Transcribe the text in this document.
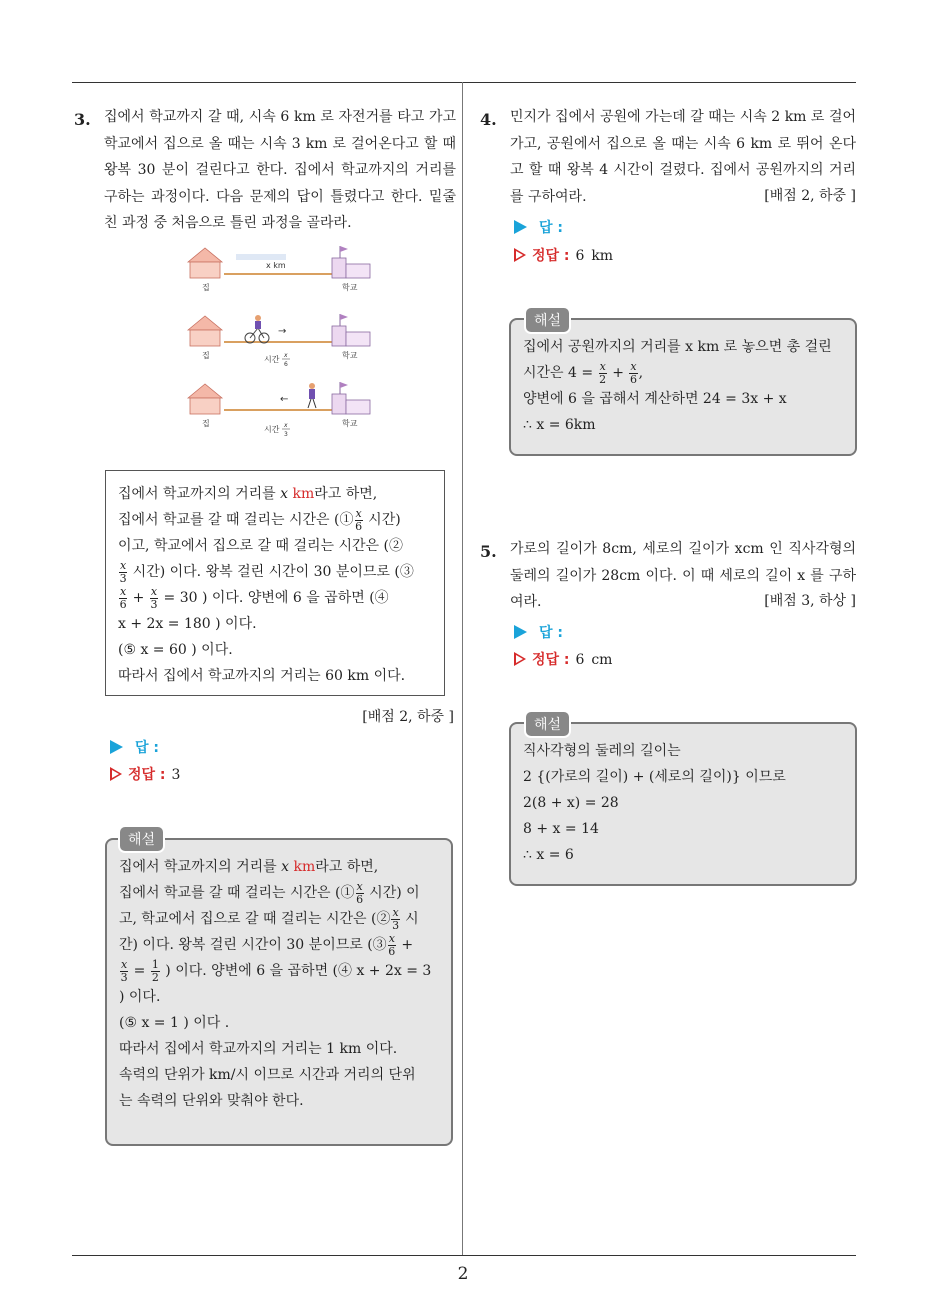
2
3. 집에서 학교까지 갈 때, 시속 6 km 로 자전거를 타고 가고 학교에서 집으로 올 때는 시속 3 km 로 걸어온다고 할 때 왕복 30 분이 걸린다고 한다. 집에서 학교까지의 거리를 구하는 과정이다. 다음 문제의 답이 틀렸다고 한다. 밑줄 친 과정 중 처음으로 틀린 과정을 골라라.
x km
집	학교
→
집	시간 x
6
학교
←
집
시간 x
3
학교
집에서 학교까지의 거리를 x km라고 하면,
집에서 학교를 갈 때 걸리는 시간은 (① $\frac{x}{6}$ 시간)
이고, 학교에서 집으로 갈 때 걸리는 시간은 (②
$\frac{x}{3}$ 시간) 이다. 왕복 걸린 시간이 30 분이므로 (③
$\frac{x}{6} + \frac{x}{3} = 30$ ) 이다. 양변에 6 을 곱하면 (④
x + 2x = 180 ) 이다.
(⑤ x = 60 ) 이다.
따라서 집에서 학교까지의 거리는 60 km 이다.
[배점 2, 하중 ]
답 :
정답 : 3
집에서 학교까지의 거리를 x km라고 하면,
집에서 학교를 갈 때 걸리는 시간은 (① $\frac{x}{6}$ 시간) 이
고, 학교에서 집으로 갈 때 걸리는 시간은 (② $\frac{x}{3}$ 시
간) 이다. 왕복 걸린 시간이 30 분이므로 (③ $\frac{x}{6}$ +
$\frac{x}{3} = \frac{1}{2}$ ) 이다. 양변에 6 을 곱하면 (④ x + 2x = 3
) 이다.
(⑤ x = 1 ) 이다 .
따라서 집에서 학교까지의 거리는 1 km 이다.
속력의 단위가 km/시 이므로 시간과 거리의 단위
는 속력의 단위와 맞춰야 한다.
해설
4. 민지가 집에서 공원에 가는데 갈 때는 시속 2 km 로 걸어가고, 공원에서 집으로 올 때는 시속 6 km 로 뛰어 온다고 할 때 왕복 4 시간이 걸렸다. 집에서 공원까지의 거리를 구하여라.	[배점 2, 하중 ]
답 :
정답 : 6 km
집에서 공원까지의 거리를 x km 로 놓으면 총 걸린
시간은 $4 = \frac{x}{2} + \frac{x}{6}$ ,
양변에 6 을 곱해서 계산하면 24 = 3x + x
∴ x = 6km
해설
5. 가로의 길이가 8cm, 세로의 길이가 xcm 인 직사각형의 둘레의 길이가 28cm 이다. 이 때 세로의 길이 x 를 구하여라.	[배점 3, 하상 ]
답 :
정답 : 6 cm
직사각형의 둘레의 길이는
2 {(가로의 길이) + (세로의 길이)} 이므로
2(8 + x) = 28
8 + x = 14
∴ x = 6
해설
